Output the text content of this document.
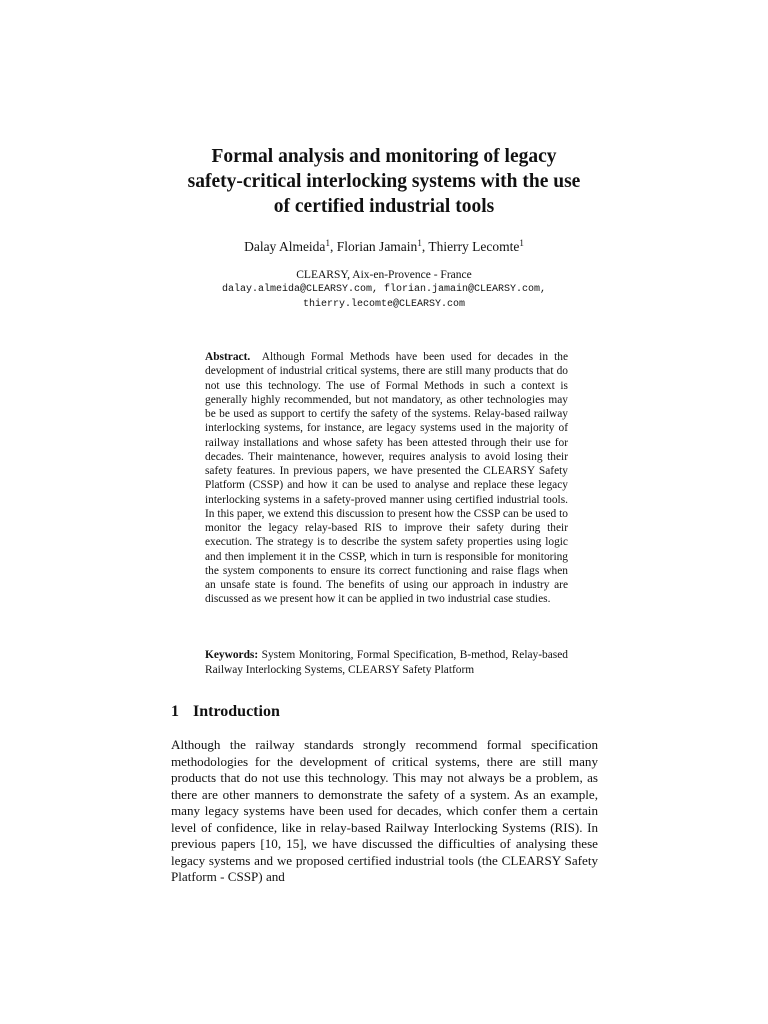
Formal analysis and monitoring of legacy
safety-critical interlocking systems with the use
of certified industrial tools
Dalay Almeida$^1$, Florian Jamain$^1$, Thierry Lecomte$^1$
CLEARSY, Aix-en-Provence - France
dalay.almeida@CLEARSY.com, florian.jamain@CLEARSY.com,
thierry.lecomte@CLEARSY.com
Abstract. Although Formal Methods have been used for decades in the development of industrial critical systems, there are still many products that do not use this technology. The use of Formal Methods in such a context is generally highly recommended, but not mandatory, as other technologies may be be used as support to certify the safety of the systems. Relay-based railway interlocking systems, for instance, are legacy systems used in the majority of railway installations and whose safety has been attested through their use for decades. Their maintenance, however, requires analysis to avoid losing their safety features. In previous papers, we have presented the CLEARSY Safety Platform (CSSP) and how it can be used to analyse and replace these legacy interlocking systems in a safety-proved manner using certified industrial tools. In this paper, we extend this discussion to present how the CSSP can be used to monitor the legacy relay-based RIS to improve their safety during their execution. The strategy is to describe the system safety properties using logic and then implement it in the CSSP, which in turn is responsible for monitoring the system components to ensure its correct functioning and raise flags when an unsafe state is found. The benefits of using our approach in industry are discussed as we present how it can be applied in two industrial case studies.
Keywords: System Monitoring, Formal Specification, B-method, Relay-based Railway Interlocking Systems, CLEARSY Safety Platform
1 Introduction
Although the railway standards strongly recommend formal specification methodologies for the development of critical systems, there are still many products that do not use this technology. This may not always be a problem, as there are other manners to demonstrate the safety of a system. As an example, many legacy systems have been used for decades, which confer them a certain level of confidence, like in relay-based Railway Interlocking Systems (RIS). In previous papers [10, 15], we have discussed the difficulties of analysing these legacy systems and we proposed certified industrial tools (the CLEARSY Safety Platform - CSSP) and
